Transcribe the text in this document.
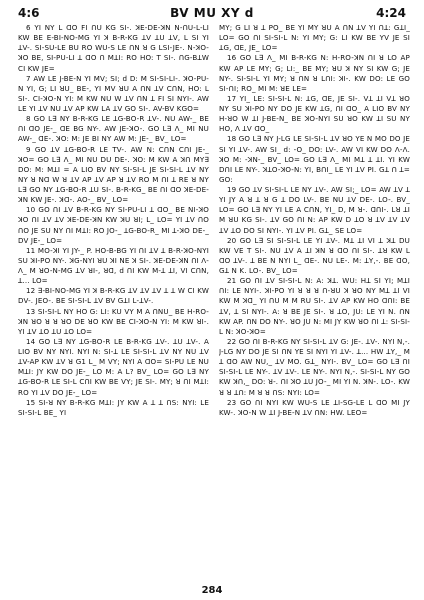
4:6	BV MU XY d	4:24

6 YI NY L ꓷO FI ꓵU KG SI-. ꓘE-DE-ꓘN N-ꓵU-L-LI KW BE E-BI-NO-MG YI ꓘ B-R-KG ꓕV ꓕU ꓕV, L SI YI ꓕV-. SI-SU-LE BU RO WU-S LE ꓵN ꓤ G LSI-JE-. N-ꓘO-ꓘO BE, SI-PU-LI ꓕ ꓷO ꓵ MꓕI: RO HO: T SI-. ꓵG-BꓕW CI KW JE=

7 AW LE J-BE-N YI MV; SI; d D: M SI-SI-LI-. ꓘO-PU-N YI, G; LI ꓤU_ BE-, YI MV ꓤU A ꓵN ꓕV CꓵN, HO: L SI-. CI-ꓘO-N YI: M KW NU W ꓕV ꓵN ꓕ FI SI NYI-. AW LE YI ꓕV NU ꓕV AP KW LA ꓕV GO SI-. AV-BV KGO=

8 GO L∃ NY B-R-KG LE ꓕG-BO-R ꓕV-. NU AW-_ BE ꓵI ꓷO JE-_ ꓷE BG NY-. AW JE-ꓘO-. GO L∃ ꓥ_ MI NU AW-_ ꓷE-. ꓘO: M: JE BI NY AW M: JE-_ BV_ LO=

9 GO ꓕV ꓕG-BO-R LE TV-. AW N: CꓵN CꓵI JE-_ ꓘO= GO L∃ ꓥ_ MI NU DU DE-. ꓘO: M KW A ꓘꓵ MY∃ DO: M: MꓕI = A LIO BV NY SI-SI-L JE SI-SI-L ꓕV NY NY ꓤ Nꓷ W ꓤ ꓕV AP ꓕV AP ꓤ ꓕV RO M ꓵI ꓕ RE ꓤ NY L∃ GO NY ꓕG-BO-R ꓕU SI-. B-R-KG_ BE ꓵI ꓷO ꓘE-DE-ꓘN KW JE-. ꓘꓷ-. AO-_ BV_ LO=

10 GO ꓵI ꓕV B-R-KG NY SI-PU-LI ꓕ ꓷO_ BE NI-ꓘO ꓘO ꓵI ꓕV ꓕV ꓘE-DE-ꓘN KW ꓘU ꓤI; L_ LO= YI ꓕV ꓵO ꓵO JE SU NY ꓵI MꓕI: RO JO-_ ꓕG-BO-R_ MI ꓕ-ꓘO DE-_ DV JE-_ LO=

11 MO-ꓘI YI JY-_ P. HO-B-BG YI ꓵI ꓕV ꓕ B-R-ꓘO-NYI SU ꓘI-PO NY-. ꓘG-NYI ꓤU ꓘI NE ꓘ SI-. ꓘE-DE-ꓘN ꓵI ꓥ-ꓥ_ M ꓤO-N-MG ꓕV ꓤI-, ꓤꓷ, d ꓵI KW M-ꓕ ꓕI, VI CꓵN, ꓕ... LO=

12 ∃-BI-NO-MG YI ꓘ B-R-KG ꓕV ꓕV ꓕV ꓕ ꓕ W CI KW DV-. JEO-. BE SI-SI-L ꓕV BV GꓕI L-ꓕV-.

13 SI-SI-L NY HO G: LI: KU VY M A ꓵNꓴ_ BE H-RO-ꓘN ꓤO ꓤ ꓤ ꓤO DE ꓤO KW BE CI-ꓘO-N YI: M KW ꓤI-. YI ꓕV ꓕO ꓕU ꓕO LO=

14 GO L∃ NY ꓕG-BO-R LE B-R-KG ꓕV-. ꓕU ꓕV-. A LIO BV NY NYI. NYI N: SI-ꓕ LE SI-SI-L ꓕV NY NU ꓕV ꓕV-AP KW ꓕV ꓤ G1 L_ M VY; NYI A ꓷO= SI-PU LE NU MꓕI: JY KW DO JE-_ LO M: A L? BV_ LO= GO L∃ NY ꓕG-BO-R LE SI-L CꓵI KW BE VY; JE SI-. MY; ꓤ ꓵI MꓕI: RO YI ꓕV DO JE-_ LO=

15 SI-ꓤ NY B-R-KG MꓕI: JY KW A ꓕ ꓕ ꓵS: NYI: LE SI-SI-L BE_ YI

MY; G LI ꓤ ꓕ PO_ BE YI MY ꓤU A ꓵN ꓕV YI ꓵꓕ: GꓕI_ LO= GO ꓵI SI-SI-L N: YI MY; G: LI KW BE YV JE SI ꓕG, ꓷE, JE_ LO=

16 GO L∃ ꓥ_ MI B-R-KG N: H-RO-ꓘN ꓵI ꓤ LO AP KW AP LE MY; G; LI:_ BE MY; ꓤU ꓘ NY SI KW G; JE NY-. SI-SI-L YI MY; ꓤ ꓵN ꓤ LꓵI: ꓘI-. KW DO: LE GO SI-ꓵI; RO_ MI M: ꓤE LE=

17 YI_ LE: SI-SI-L N: ꓕG, ꓷE, JE SI-. Vꓕ ꓕI Vꓕ ꓤO NY SU ꓘI-PO NY DO JE KW ꓕG, ꓵI ꓷO_ A LIO BV NY H-ꓤO W ꓕI J-BE-N_ BE ꓘO-NYI SU ꓤO KW ꓕI SU NY HO, ꓥ ꓕV ꓷO_

18 GO L∃ NY J-LG LE SI-SI-L ꓕV ꓤO YE N MO DO JE SI YI ꓕV-. AW SI_ d: -O_ DO: LV-. AW VI KW DO ꓥ-ꓥ. ꓘO M: -ꓘN-_ BV_ LO= GO L∃ ꓥ_ MI Mꓕ ꓕ ꓕI. YI KW DꓵI LE NY-. ꓘꓕO-ꓘO-N: YI, BꓵI_ LE YI ꓕV PI. Gꓕ ꓵ ꓕ= GO:

19 GO ꓕV SI-SI-L LE NY ꓕV-. AW SI;_ LO= AW ꓕV ꓕ YI JY A ꓤ ꓕ ꓤ G ꓕ DO LV-. BE NU ꓕV DE-. LO-. BV_ LO= GO L∃ NY YI LE A CꓵN, YI_ D, M ꓤ-. ꓷꓵI-. Lꓤ ꓕI M ꓤU KG SI-. ꓕV GO ꓵI N: AP KW D ꓕO ꓤ ꓕV ꓕV ꓕV ꓕV ꓕO DO SI NYI-. YI ꓕV PI. Gꓕ_ SE LO=

20 GO L∃ SI SI-SI-L LE YI ꓕV-. Mꓕ ꓕI VI ꓕ ꓘꓕ DU KW VE T SI-. NU ꓕV A ꓕI ꓘN ꓤ ꓷO ꓵI SI-. ꓕꓤ KW L ꓷO ꓕV-. ꓕ BE N NYI L_ ꓷE-. NU LE-. M: ꓕY,-. BE ꓷO, Gꓕ N K. LO-. BV_ LO=

21 GO ꓵI ꓕV SI-SI-L N: A: ꓘꓕ. WU: Hꓕ SI YI; MꓕI ꓵI: LE NYI-. ꓘI-PO YI ꓤ ꓤ ꓤ ꓵ-ꓤU ꓘ ꓤO NY Mꓕ ꓕI VI KW M ꓘꓷ_ YI ꓵU M M RU SI-. ꓕV AP KW HO ꓷꓵI: BE ꓕV, ꓕ SI NYI-. A: ꓤ BE JE SI-. ꓤ ꓕO, JU: LE YI N. ꓵN KW AP. ꓵN DO NY-. ꓤO JU N: MI JY KW ꓤO ꓵI ꓕ: SI-SI-L N: ꓘO-ꓘO=

22 GO ꓵI B-R-KG NY SI-SI-L ꓕV G: JE-. ꓕV-. NYI N,-. J-LG NY DO JE SI ꓵN YE SI NYI YI ꓕV-. ꓕ... HW ꓕY,_ M ꓕ ꓷO AW NU,_ ꓕV MO. Gꓕ_ NYI-. BV_ LO= GO L∃ ꓵI SI-SI-L LE NY-. ꓕV ꓕV-. LE NY-. NYI N,-. SI-SI-L NY GO KW ꓘꓵ,_ DO: ꓤ-. ꓵI ꓘO ꓕU JO-_ MI YI N. ꓘN-. LO-. KW ꓤ ꓤ ꓕꓵ: M ꓤ ꓤ ꓵS: NYI: LO=

23 GO ꓵI NYI KW WU-S LE ꓕI-SG-LE L ꓷO MI JY KW-. ꓘO-N W ꓕI J-BE-N ꓕV ꓵN: HW. LEO=

284
